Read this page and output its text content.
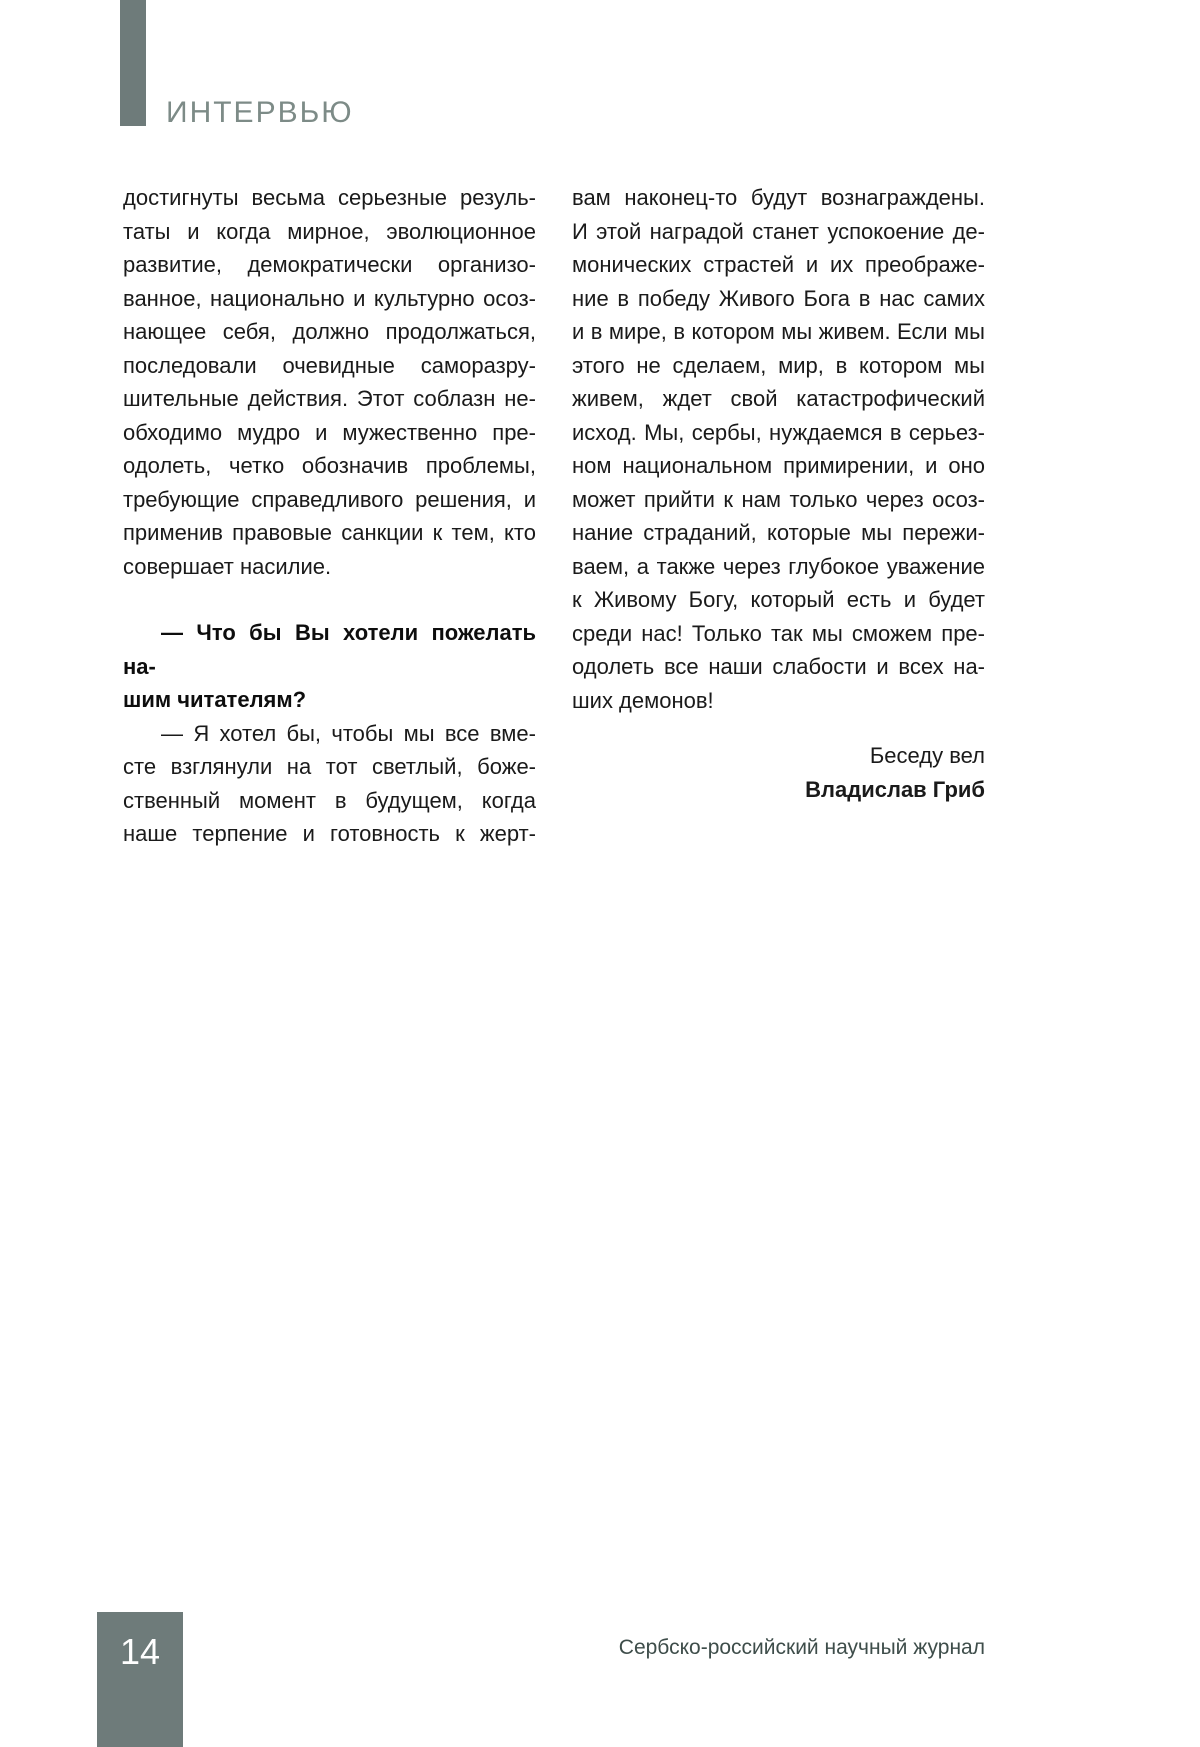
ИНТЕРВЬЮ
достигнуты весьма серьезные резуль-
таты и когда мирное, эволюционное
развитие, демократически организо-
ванное, национально и культурно осоз-
нающее себя, должно продолжаться,
последовали очевидные саморазру-
шительные действия. Этот соблазн не-
обходимо мудро и мужественно пре-
одолеть, четко обозначив проблемы,
требующие справедливого решения, и
применив правовые санкции к тем, кто
совершает насилие.
— Что бы Вы хотели пожелать на-
шим читателям?
— Я хотел бы, чтобы мы все вме-
сте взглянули на тот светлый, боже-
ственный момент в будущем, когда
наше терпение и готовность к жерт-
вам наконец-то будут вознаграждены.
И этой наградой станет успокоение де-
монических страстей и их преображе-
ние в победу Живого Бога в нас самих
и в мире, в котором мы живем. Если мы
этого не сделаем, мир, в котором мы
живем, ждет свой катастрофический
исход. Мы, сербы, нуждаемся в серьез-
ном национальном примирении, и оно
может прийти к нам только через осоз-
нание страданий, которые мы пережи-
ваем, а также через глубокое уважение
к Живому Богу, который есть и будет
среди нас! Только так мы сможем пре-
одолеть все наши слабости и всех на-
ших демонов!
Беседу вел
Владислав Гриб
14	Сербско-российский научный журнал
